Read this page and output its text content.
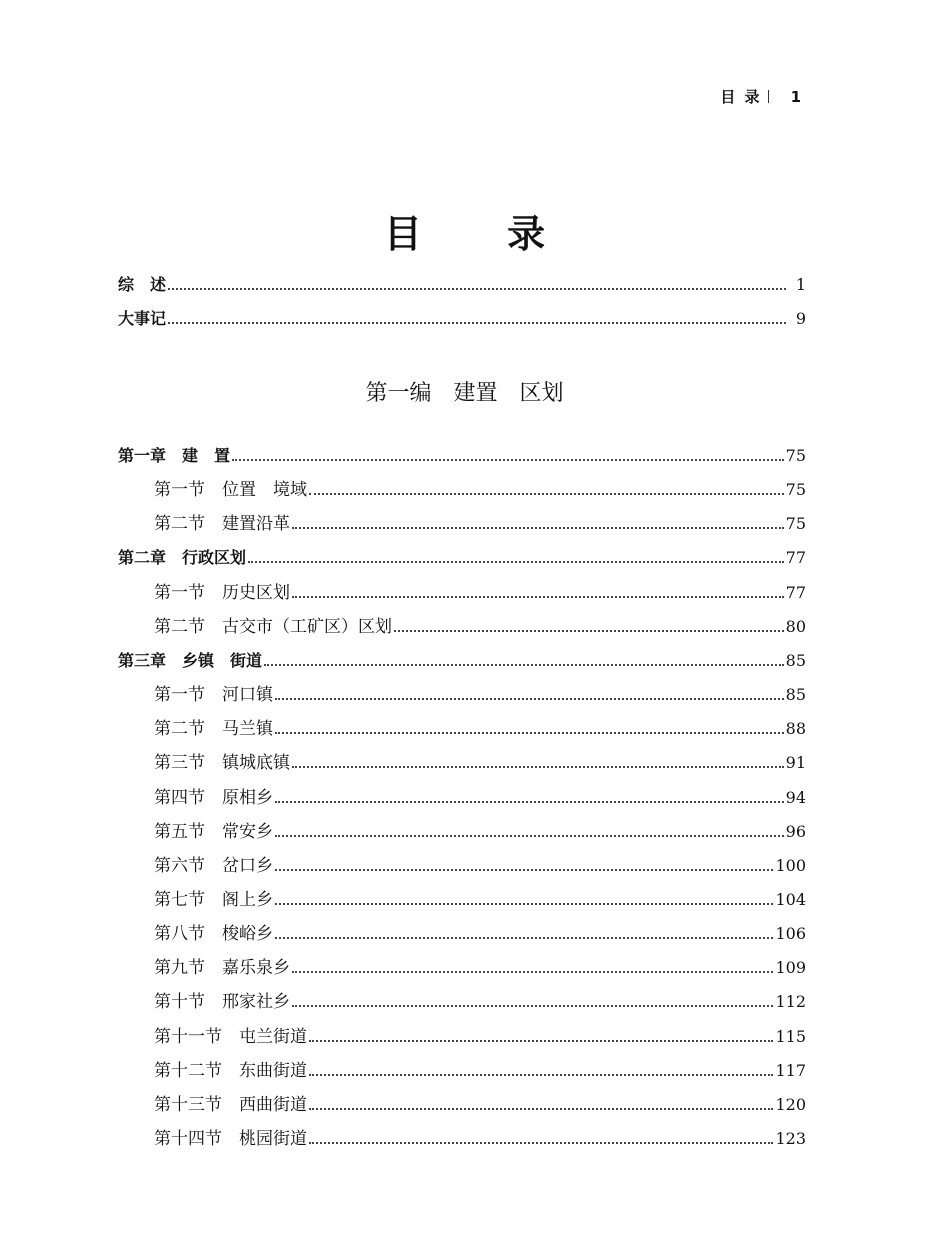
目 录 1
目 录
综　述	1
大事记	9
第一编　建置　区划
第一章　建　置	75
第一节　位置　境域	75
第二节　建置沿革	75
第二章　行政区划	77
第一节　历史区划	77
第二节　古交市（工矿区）区划	80
第三章　乡镇　街道	85
第一节　河口镇	85
第二节　马兰镇	88
第三节　镇城底镇	91
第四节　原相乡	94
第五节　常安乡	96
第六节　岔口乡	100
第七节　阁上乡	104
第八节　梭峪乡	106
第九节　嘉乐泉乡	109
第十节　邢家社乡	112
第十一节　屯兰街道	115
第十二节　东曲街道	117
第十三节　西曲街道	120
第十四节　桃园街道	123
